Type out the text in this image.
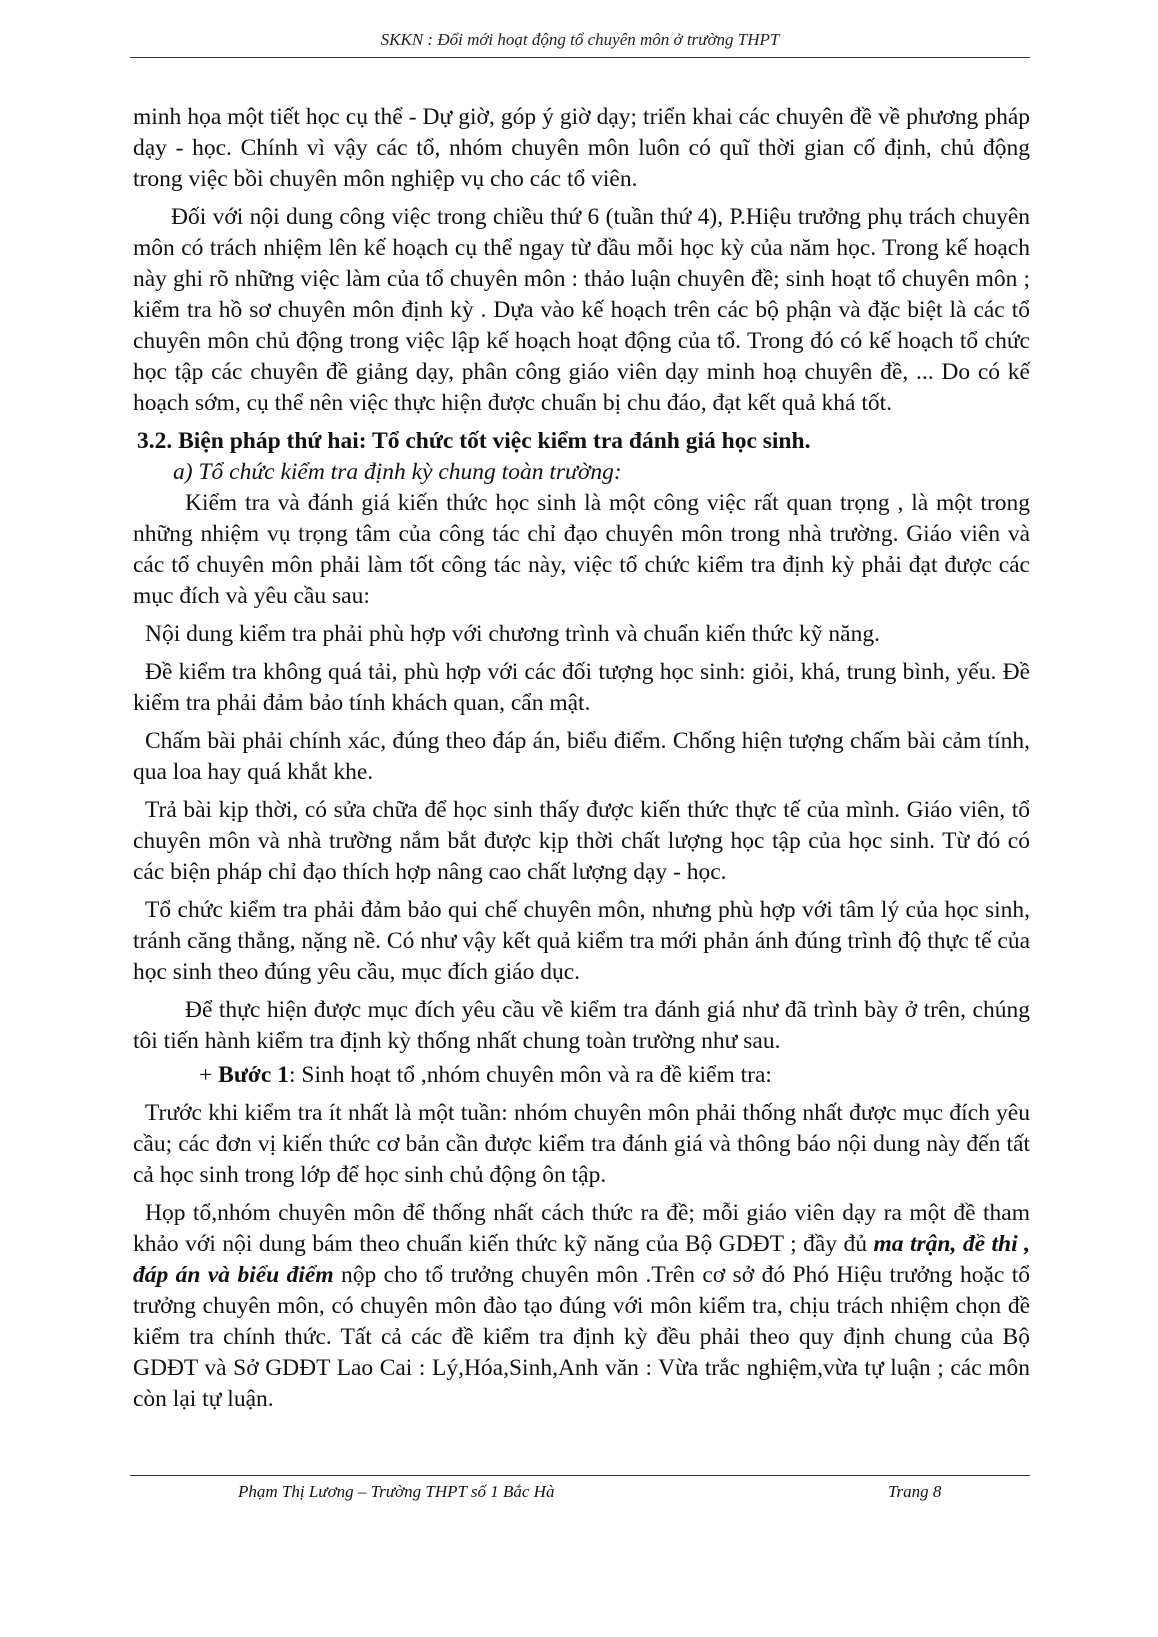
SKKN : Đổi mới hoạt động tổ chuyên môn ở trường THPT

minh họa một tiết học cụ thể - Dự giờ, góp ý giờ dạy; triển khai các chuyên đề về phương pháp dạy - học. Chính vì vậy các tổ, nhóm chuyên môn luôn có quĩ thời gian cố định, chủ động trong việc bồi chuyên môn nghiệp vụ cho các tổ viên.

Đối với nội dung công việc trong chiều thứ 6 (tuần thứ 4), P.Hiệu trưởng phụ trách chuyên môn có trách nhiệm lên kế hoạch cụ thể ngay từ đầu mỗi học kỳ của năm học. Trong kế hoạch này ghi rõ những việc làm của tổ chuyên môn : thảo luận chuyên đề; sinh hoạt tổ chuyên môn ; kiểm tra hồ sơ chuyên môn định kỳ . Dựa vào kế hoạch trên các bộ phận và đặc biệt là các tổ chuyên môn chủ động trong việc lập kế hoạch hoạt động của tổ. Trong đó có kế hoạch tổ chức học tập các chuyên đề giảng dạy, phân công giáo viên dạy minh hoạ chuyên đề, ... Do có kế hoạch sớm, cụ thể nên việc thực hiện được chuẩn bị chu đáo, đạt kết quả khá tốt.

3.2. Biện pháp thứ hai: Tổ chức tốt việc kiểm tra đánh giá học sinh.

a) Tổ chức kiểm tra định kỳ chung toàn trường:

Kiểm tra và đánh giá kiến thức học sinh là một công việc rất quan trọng , là một trong những nhiệm vụ trọng tâm của công tác chỉ đạo chuyên môn trong nhà trường. Giáo viên và các tổ chuyên môn phải làm tốt công tác này, việc tổ chức kiểm tra định kỳ phải đạt được các mục đích và yêu cầu sau:

Nội dung kiểm tra phải phù hợp với chương trình và chuẩn kiến thức kỹ năng.

Đề kiểm tra không quá tải, phù hợp với các đối tượng học sinh: giỏi, khá, trung bình, yếu. Đề kiểm tra phải đảm bảo tính khách quan, cẩn mật.

Chấm bài phải chính xác, đúng theo đáp án, biểu điểm. Chống hiện tượng chấm bài cảm tính, qua loa hay quá khắt khe.

Trả bài kịp thời, có sửa chữa để học sinh thấy được kiến thức thực tế của mình. Giáo viên, tổ chuyên môn và nhà trường nắm bắt được kịp thời chất lượng học tập của học sinh. Từ đó có các biện pháp chỉ đạo thích hợp nâng cao chất lượng dạy - học.

Tổ chức kiểm tra phải đảm bảo qui chế chuyên môn, nhưng phù hợp với tâm lý của học sinh, tránh căng thẳng, nặng nề. Có như vậy kết quả kiểm tra mới phản ánh đúng trình độ thực tế của học sinh theo đúng yêu cầu, mục đích giáo dục.

Để thực hiện được mục đích yêu cầu về kiểm tra đánh giá như đã trình bày ở trên, chúng tôi tiến hành kiểm tra định kỳ thống nhất chung toàn trường như sau.

+ Bước 1: Sinh hoạt tổ ,nhóm chuyên môn và ra đề kiểm tra:

Trước khi kiểm tra ít nhất là một tuần: nhóm chuyên môn phải thống nhất được mục đích yêu cầu; các đơn vị kiến thức cơ bản cần được kiểm tra đánh giá và thông báo nội dung này đến tất cả học sinh trong lớp để học sinh chủ động ôn tập.

Họp tổ,nhóm chuyên môn để thống nhất cách thức ra đề; mỗi giáo viên dạy ra một đề tham khảo với nội dung bám theo chuẩn kiến thức kỹ năng của Bộ GDĐT ; đầy đủ ma trận, đề thi , đáp án và biểu điểm nộp cho tổ trưởng chuyên môn .Trên cơ sở đó Phó Hiệu trưởng hoặc tổ trưởng chuyên môn, có chuyên môn đào tạo đúng với môn kiểm tra, chịu trách nhiệm chọn đề kiểm tra chính thức. Tất cả các đề kiểm tra định kỳ đều phải theo quy định chung của Bộ GDĐT và Sở GDĐT Lao Cai : Lý,Hóa,Sinh,Anh văn : Vừa trắc nghiệm,vừa tự luận ; các môn còn lại tự luận.

Phạm Thị Lương – Trường THPT số 1 Bắc Hà	Trang 8
